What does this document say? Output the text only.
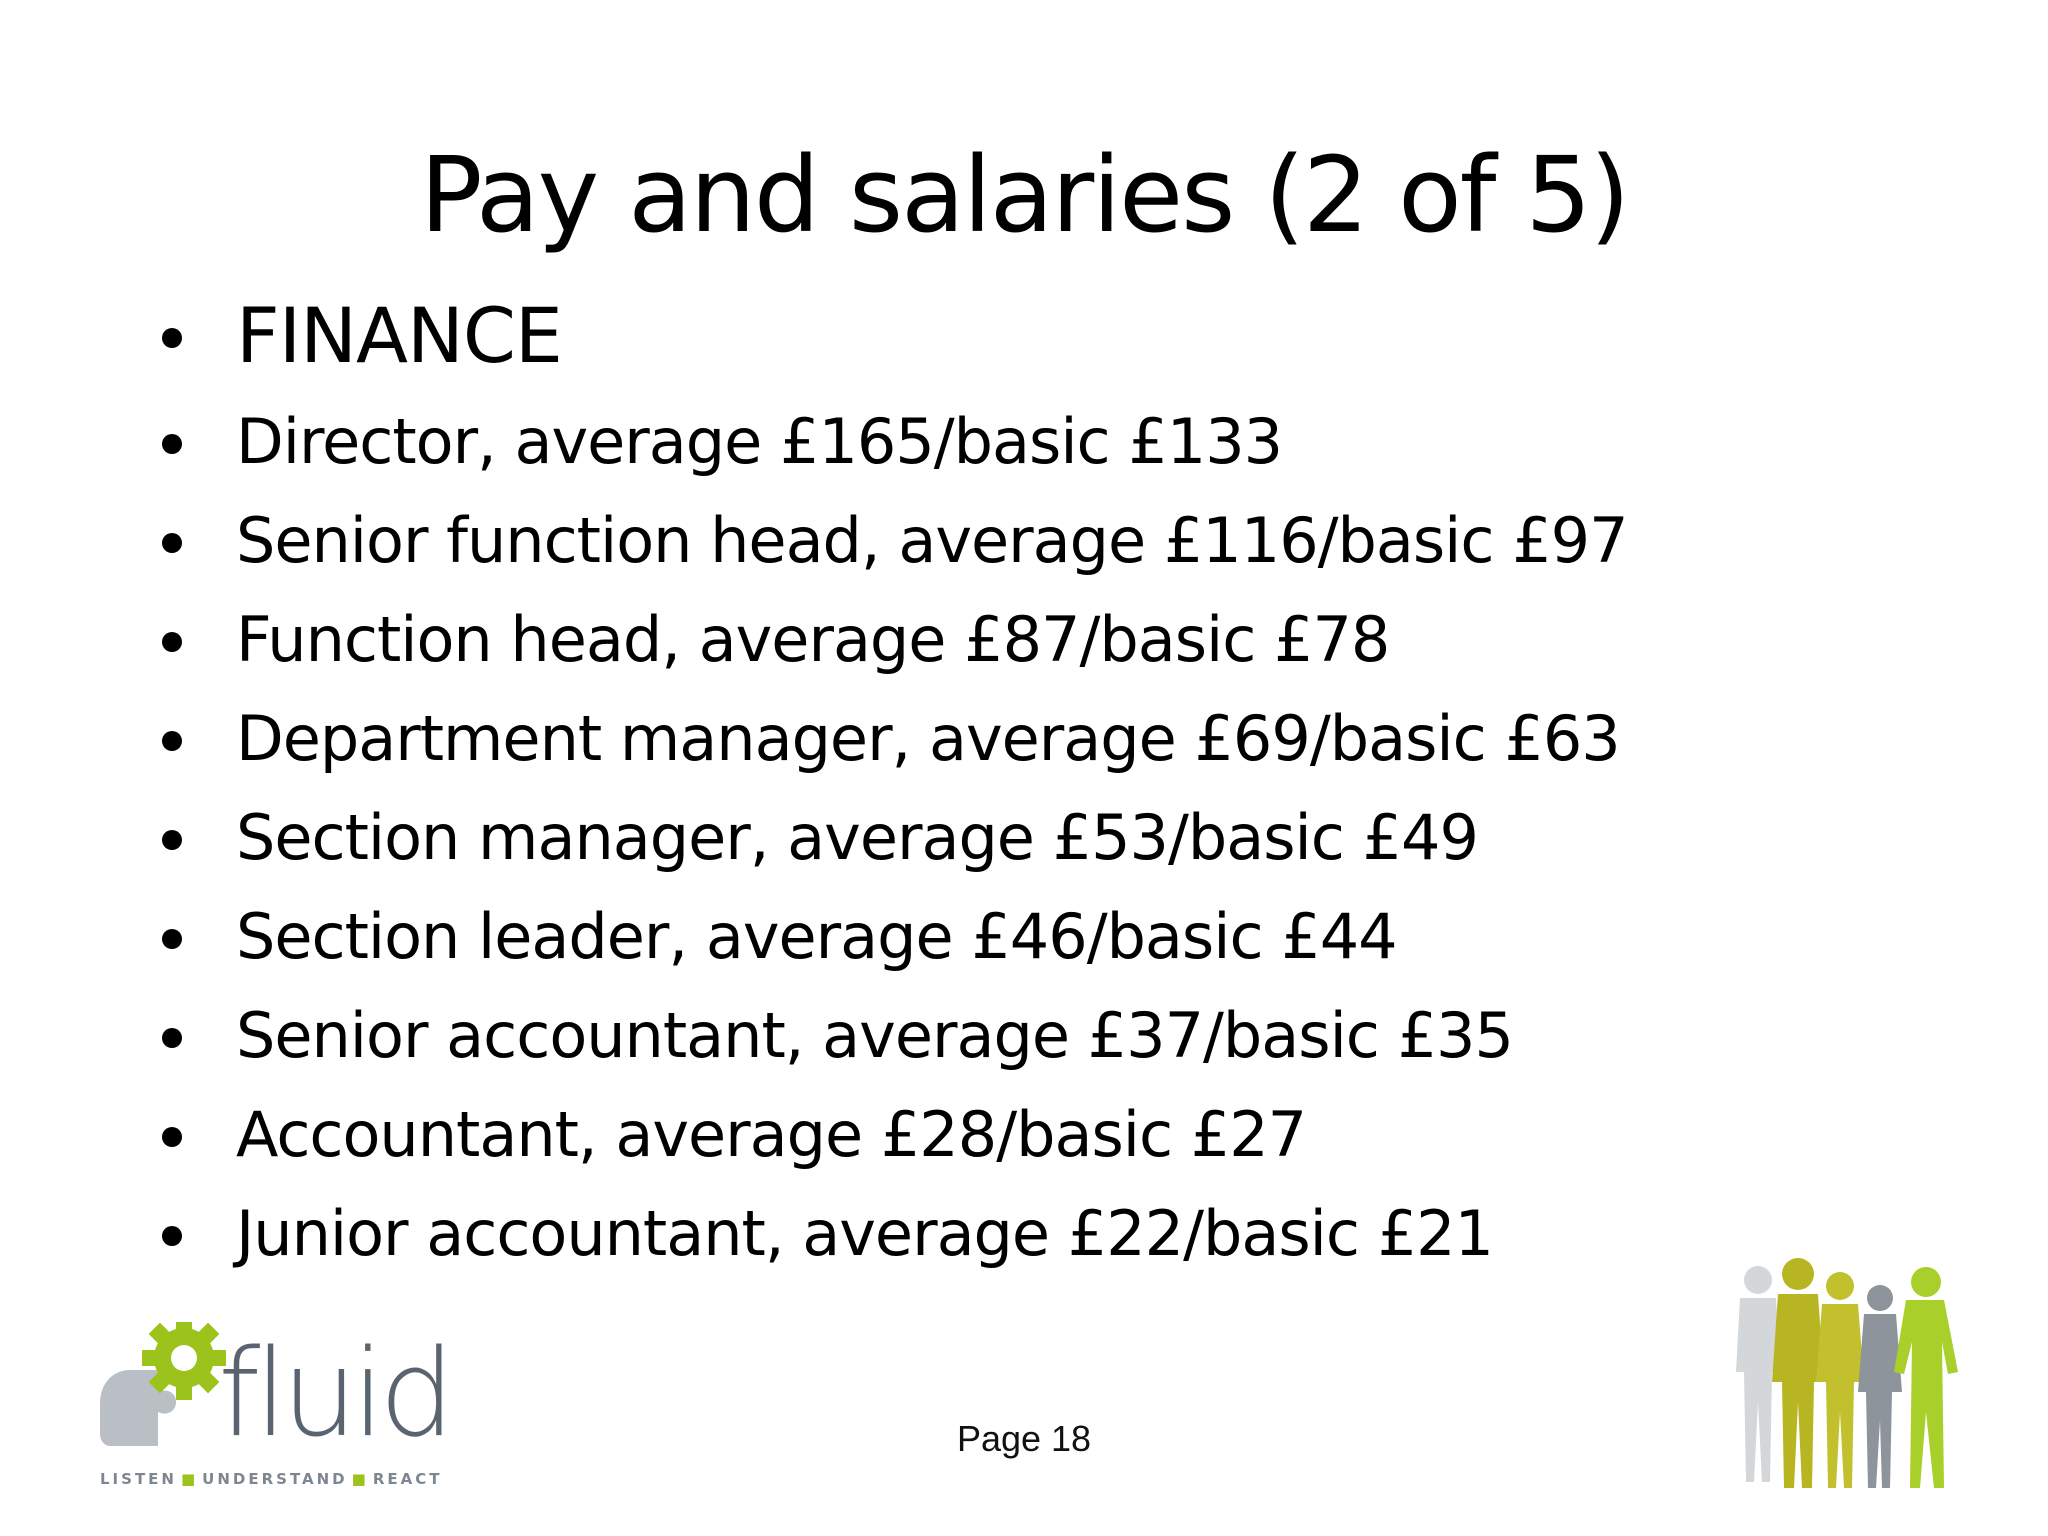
Pay and salaries (2 of 5)
FINANCE
Director, average £165/basic £133
Senior function head, average £116/basic £97
Function head, average £87/basic £78
Department manager, average £69/basic £63
Section manager, average £53/basic £49
Section leader, average £46/basic £44
Senior accountant, average £37/basic £35
Accountant, average £28/basic £27
Junior accountant, average £22/basic £21
fluid
LISTEN ■ UNDERSTAND ■ REACT
Page 18
